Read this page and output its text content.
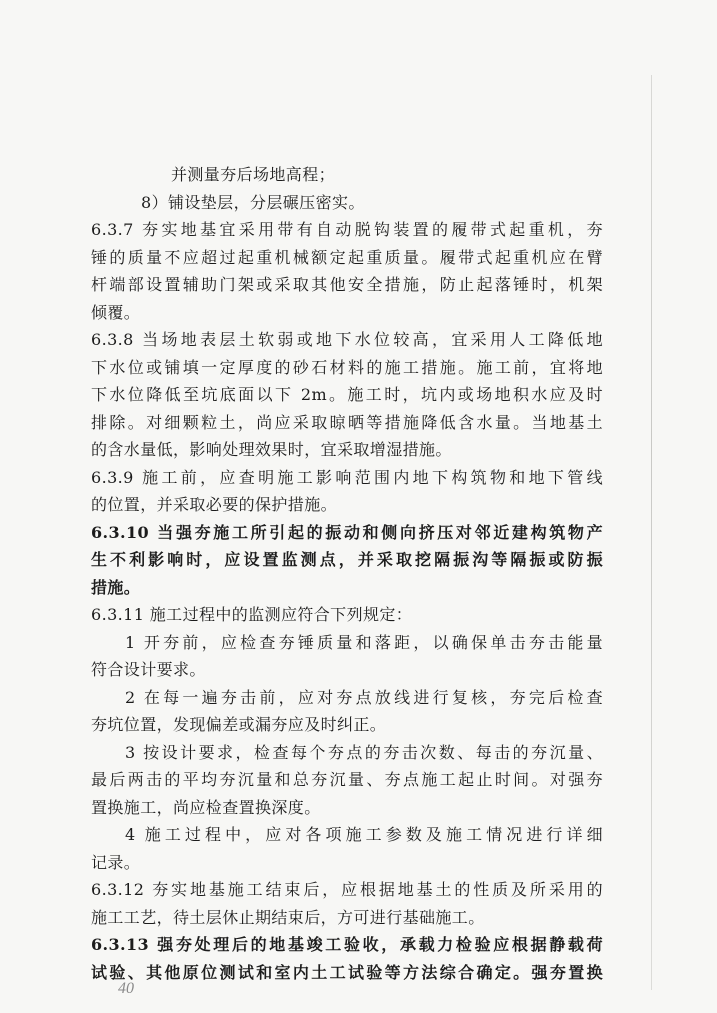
并测量夯后场地高程；
8）铺设垫层，分层碾压密实。
6.3.7 夯实地基宜采用带有自动脱钩装置的履带式起重机，夯
锤的质量不应超过起重机械额定起重质量。履带式起重机应在臂
杆端部设置辅助门架或采取其他安全措施，防止起落锤时，机架
倾覆。
6.3.8 当场地表层土软弱或地下水位较高，宜采用人工降低地
下水位或铺填一定厚度的砂石材料的施工措施。施工前，宜将地
下水位降低至坑底面以下 2m。施工时，坑内或场地积水应及时
排除。对细颗粒土，尚应采取晾晒等措施降低含水量。当地基土
的含水量低，影响处理效果时，宜采取增湿措施。
6.3.9 施工前，应查明施工影响范围内地下构筑物和地下管线
的位置，并采取必要的保护措施。
6.3.10 当强夯施工所引起的振动和侧向挤压对邻近建构筑物产
生不利影响时，应设置监测点，并采取挖隔振沟等隔振或防振
措施。
6.3.11 施工过程中的监测应符合下列规定：
1 开夯前，应检查夯锤质量和落距，以确保单击夯击能量
符合设计要求。
2 在每一遍夯击前，应对夯点放线进行复核，夯完后检查
夯坑位置，发现偏差或漏夯应及时纠正。
3 按设计要求，检查每个夯点的夯击次数、每击的夯沉量、
最后两击的平均夯沉量和总夯沉量、夯点施工起止时间。对强夯
置换施工，尚应检查置换深度。
4 施工过程中，应对各项施工参数及施工情况进行详细
记录。
6.3.12 夯实地基施工结束后，应根据地基土的性质及所采用的
施工工艺，待土层休止期结束后，方可进行基础施工。
6.3.13 强夯处理后的地基竣工验收，承载力检验应根据静载荷
试验、其他原位测试和室内土工试验等方法综合确定。强夯置换
40
